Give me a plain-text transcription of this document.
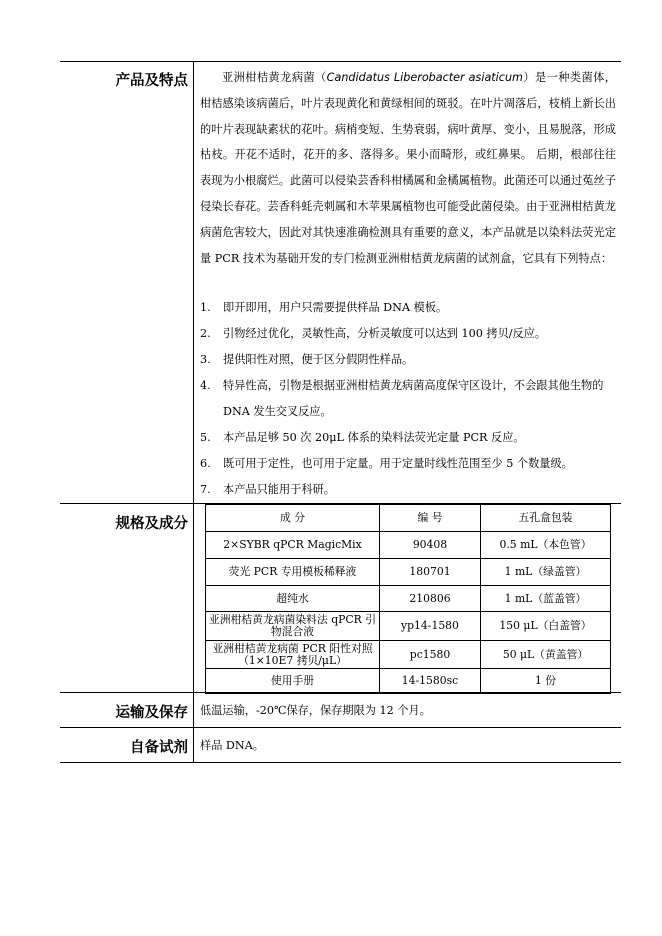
产品及特点	亚洲柑桔黄龙病菌（Candidatus Liberobacter asiaticum）是一种类菌体，柑桔感染该病菌后，叶片表现黄化和黄绿相间的斑驳。在叶片凋落后，枝梢上新长出的叶片表现缺素状的花叶。病梢变短、生势衰弱，病叶黄厚、变小，且易脱落，形成枯枝。开花不适时，花开的多、落得多。果小而畸形，或红鼻果。 后期，根部往往表现为小根腐烂。此菌可以侵染芸香科柑橘属和金橘属植物。此菌还可以通过菟丝子侵染长春花。芸香科蚝壳刺属和木苹果属植物也可能受此菌侵染。由于亚洲柑桔黄龙病菌危害较大，因此对其快速准确检测具有重要的意义，本产品就是以染料法荧光定量 PCR 技术为基础开发的专门检测亚洲柑桔黄龙病菌的试剂盒，它具有下列特点：

1.	即开即用，用户只需要提供样品 DNA 模板。
2.	引物经过优化，灵敏性高，分析灵敏度可以达到 100 拷贝/反应。
3.	提供阳性对照，便于区分假阴性样品。
4.	特异性高，引物是根据亚洲柑桔黄龙病菌高度保守区设计，不会跟其他生物的 DNA 发生交叉反应。
5.	本产品足够 50 次 20μL 体系的染料法荧光定量 PCR 反应。
6.	既可用于定性，也可用于定量。用于定量时线性范围至少 5 个数量级。
7.	本产品只能用于科研。
规格及成分	成 分	编 号	五孔盒包装
2×SYBR qPCR MagicMix	90408	0.5 mL（本色管）
荧光 PCR 专用模板稀释液	180701	1 mL（绿盖管）
超纯水	210806	1 mL（蓝盖管）
亚洲柑桔黄龙病菌染料法 qPCR 引物混合液	yp14-1580	150 μL（白盖管）
亚洲柑桔黄龙病菌 PCR 阳性对照（1×10E7 拷贝/μL）	pc1580	50 μL（黄盖管）
使用手册	14-1580sc	1 份
运输及保存 低温运输，-20℃保存，保存期限为 12 个月。
自备试剂 样品 DNA。
